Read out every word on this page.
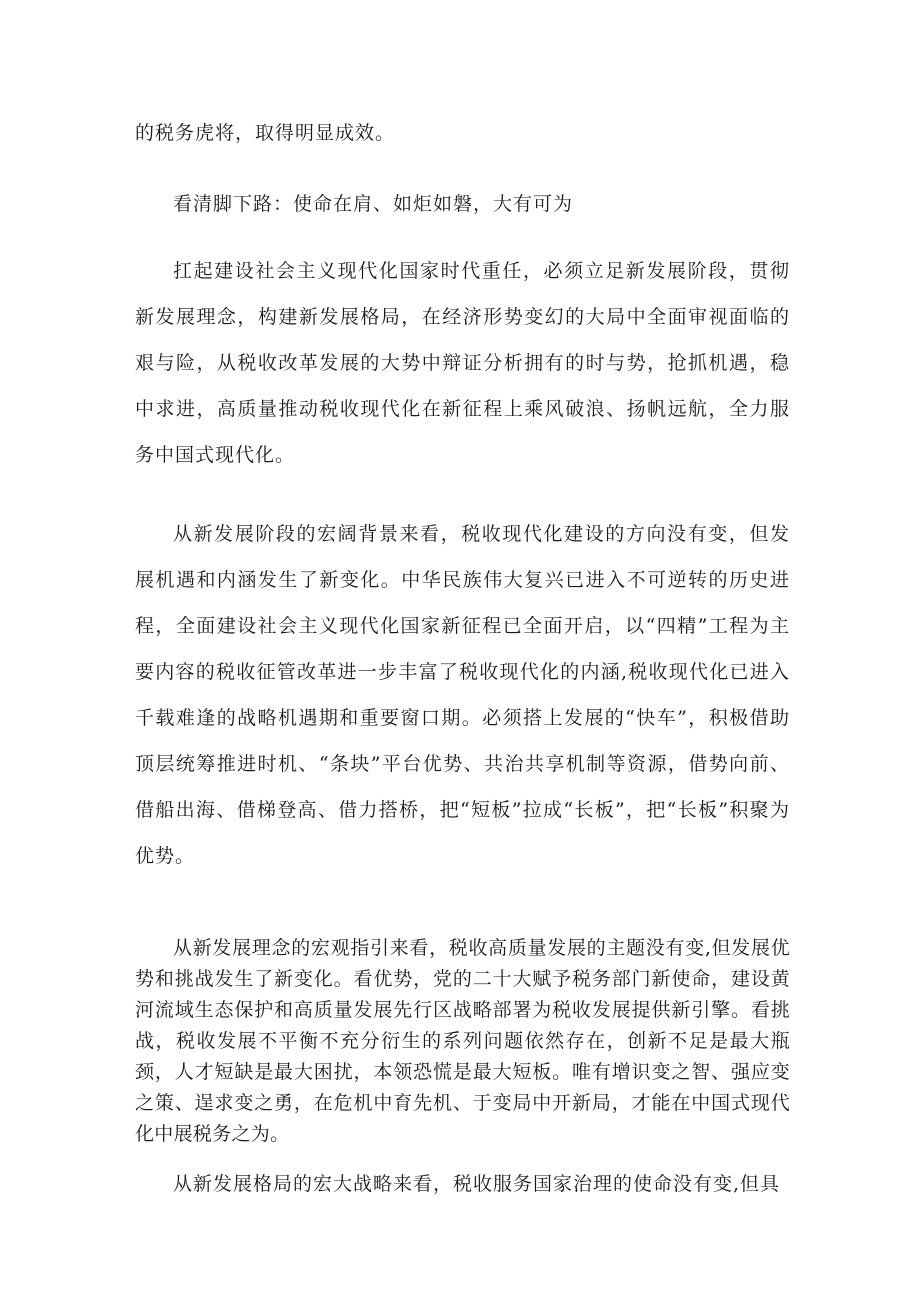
的税务虎将，取得明显成效。

看清脚下路：使命在肩、如炬如磐，大有可为

扛起建设社会主义现代化国家时代重任，必须立足新发展阶段，贯彻新发展理念，构建新发展格局，在经济形势变幻的大局中全面审视面临的艰与险，从税收改革发展的大势中辩证分析拥有的时与势，抢抓机遇，稳中求进，高质量推动税收现代化在新征程上乘风破浪、扬帆远航，全力服务中国式现代化。

从新发展阶段的宏阔背景来看，税收现代化建设的方向没有变，但发展机遇和内涵发生了新变化。中华民族伟大复兴已进入不可逆转的历史进程，全面建设社会主义现代化国家新征程已全面开启，以“四精”工程为主要内容的税收征管改革进一步丰富了税收现代化的内涵,税收现代化已进入千载难逢的战略机遇期和重要窗口期。必须搭上发展的“快车”，积极借助顶层统筹推进时机、“条块”平台优势、共治共享机制等资源，借势向前、借船出海、借梯登高、借力搭桥，把“短板”拉成“长板”，把“长板”积聚为优势。

从新发展理念的宏观指引来看，税收高质量发展的主题没有变,但发展优势和挑战发生了新变化。看优势，党的二十大赋予税务部门新使命，建设黄河流域生态保护和高质量发展先行区战略部署为税收发展提供新引擎。看挑战，税收发展不平衡不充分衍生的系列问题依然存在，创新不足是最大瓶颈，人才短缺是最大困扰，本领恐慌是最大短板。唯有增识变之智、强应变之策、逞求变之勇，在危机中育先机、于变局中开新局，才能在中国式现代化中展税务之为。

从新发展格局的宏大战略来看，税收服务国家治理的使命没有变,但具
